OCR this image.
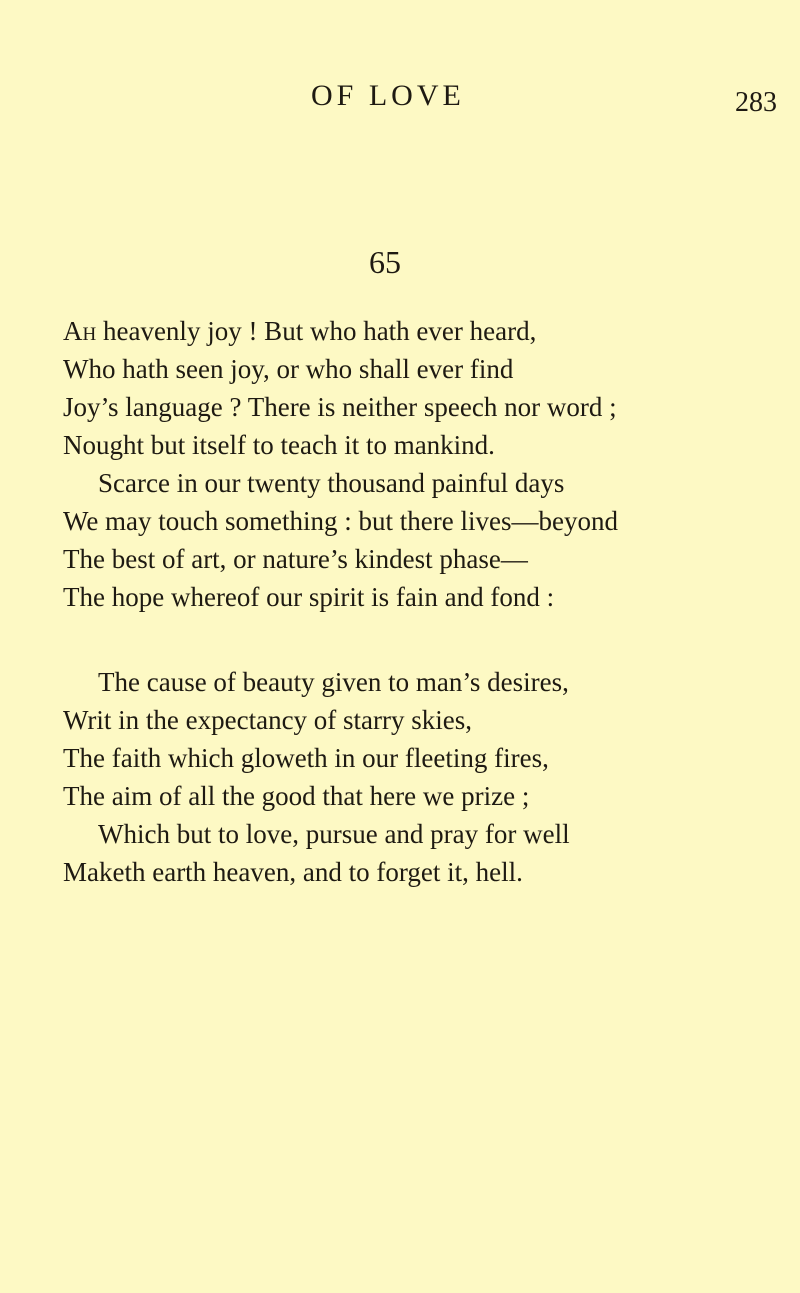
OF LOVE	283
65
Ah heavenly joy ! But who hath ever heard,
Who hath seen joy, or who shall ever find
Joy’s language ? There is neither speech nor word ;
Nought but itself to teach it to mankind.
Scarce in our twenty thousand painful days
We may touch something : but there lives—beyond
The best of art, or nature’s kindest phase—
The hope whereof our spirit is fain and fond :
The cause of beauty given to man’s desires,
Writ in the expectancy of starry skies,
The faith which gloweth in our fleeting fires,
The aim of all the good that here we prize ;
Which but to love, pursue and pray for well
Maketh earth heaven, and to forget it, hell.
